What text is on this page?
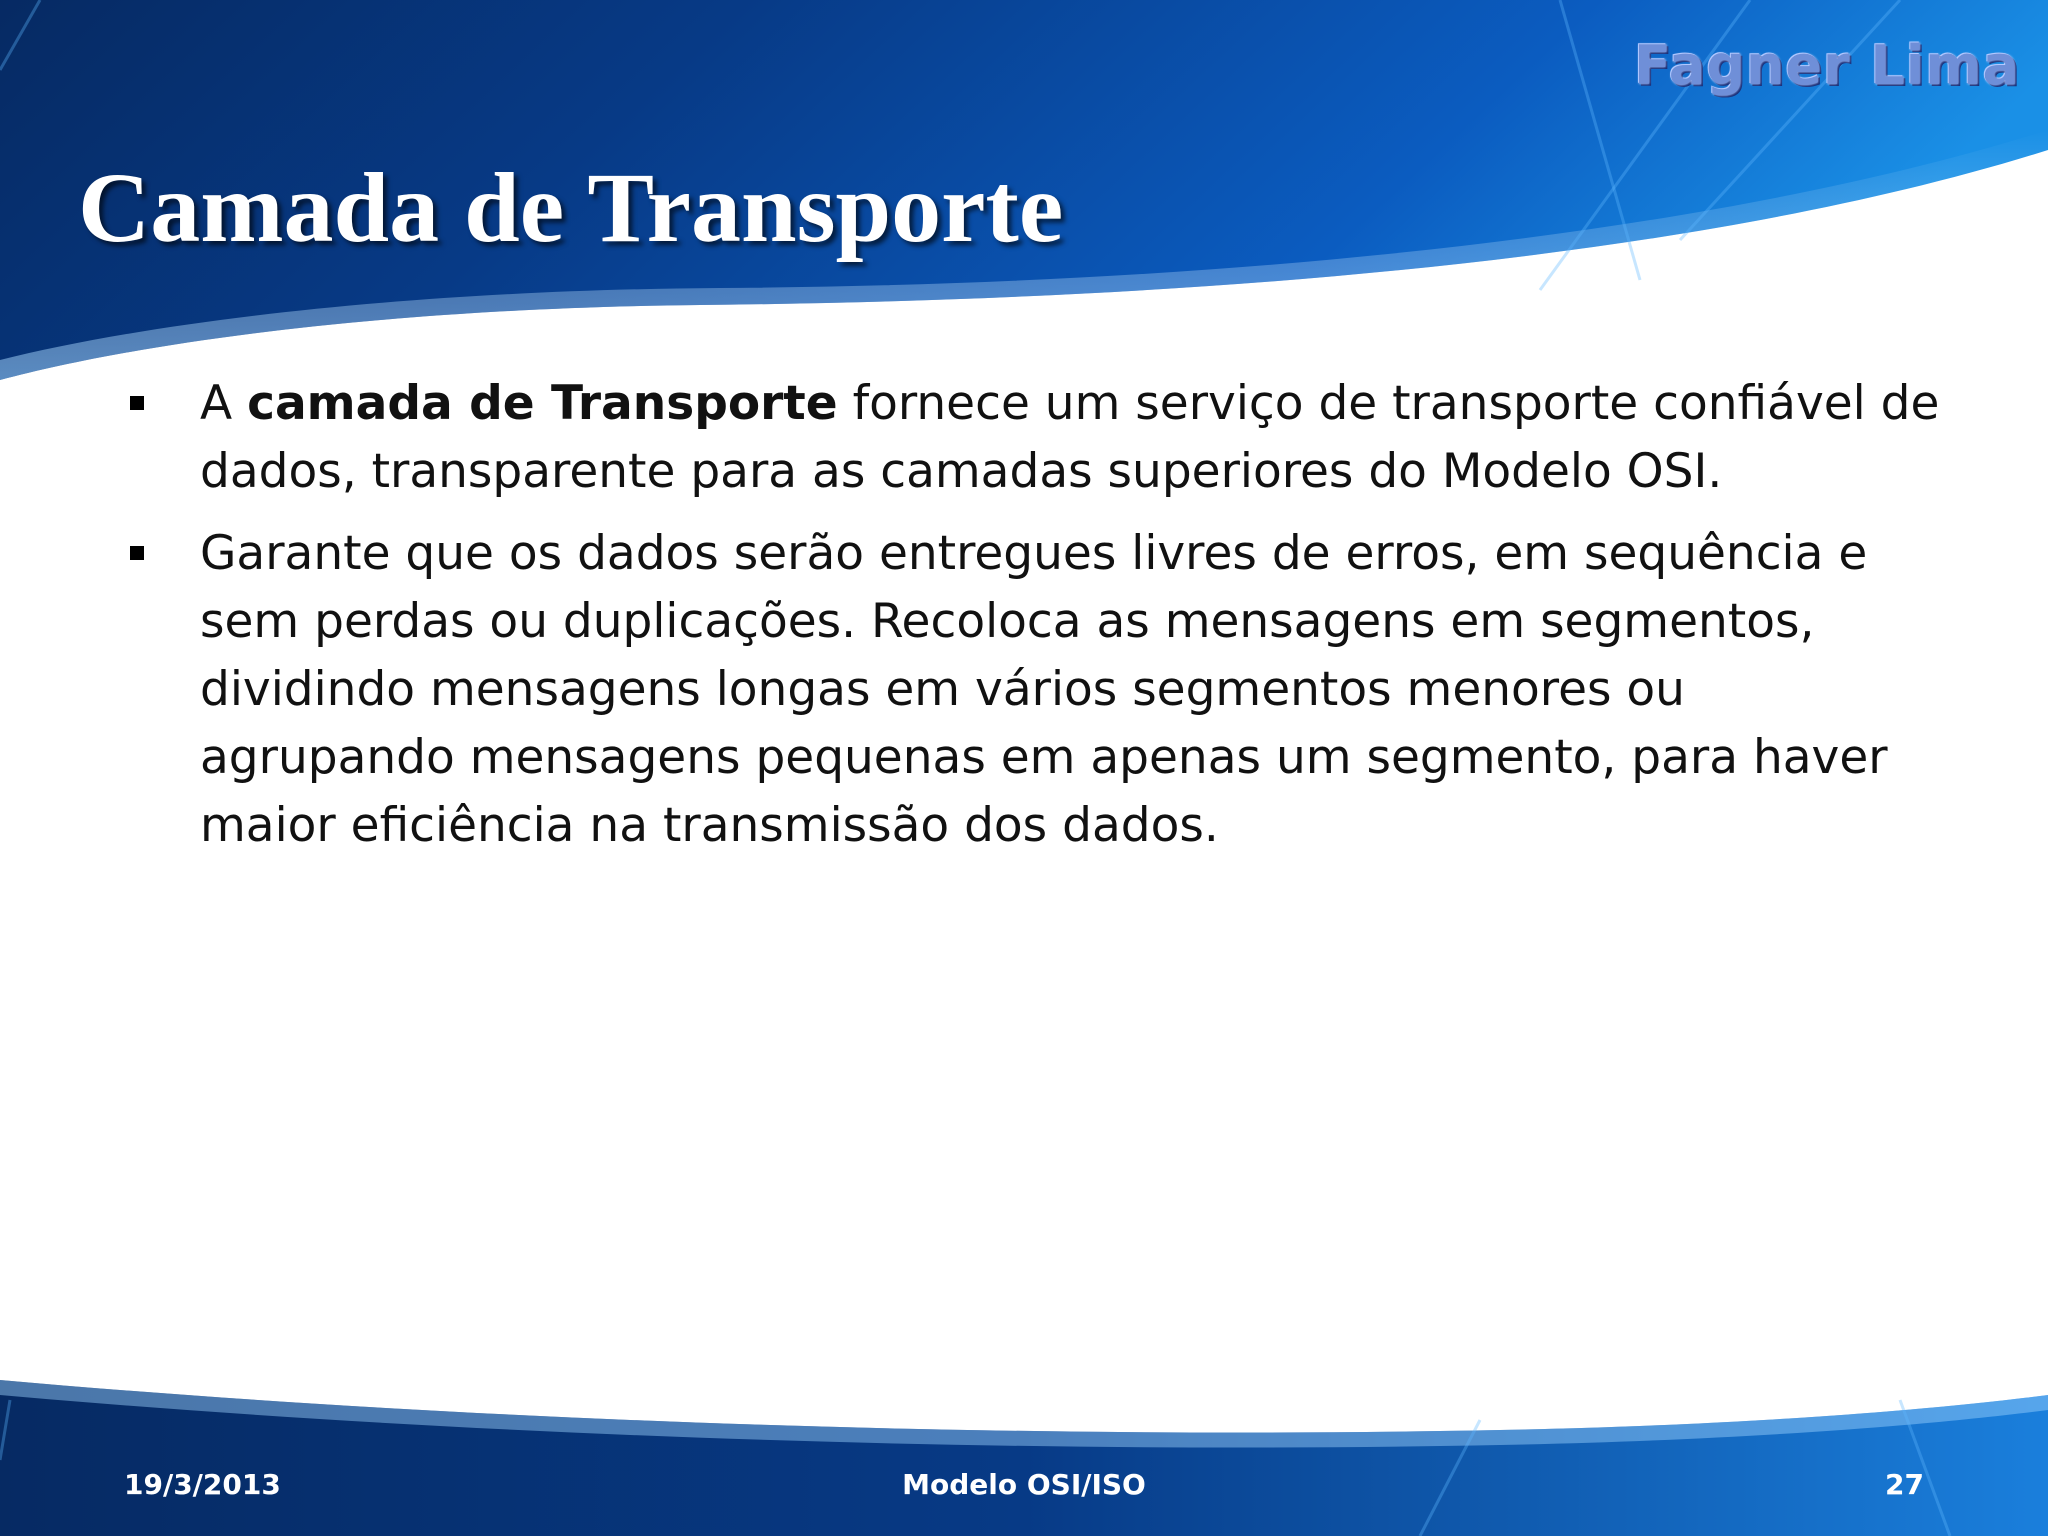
Fagner Lima
Camada de Transporte
A camada de Transporte fornece um serviço de transporte confiável de dados, transparente para as camadas superiores do Modelo OSI.
Garante que os dados serão entregues livres de erros, em sequência e sem perdas ou duplicações. Recoloca as mensagens em segmentos, dividindo mensagens longas em vários segmentos menores ou agrupando mensagens pequenas em apenas um segmento, para haver maior eficiência na transmissão dos dados.
19/3/2013	Modelo OSI/ISO	27
